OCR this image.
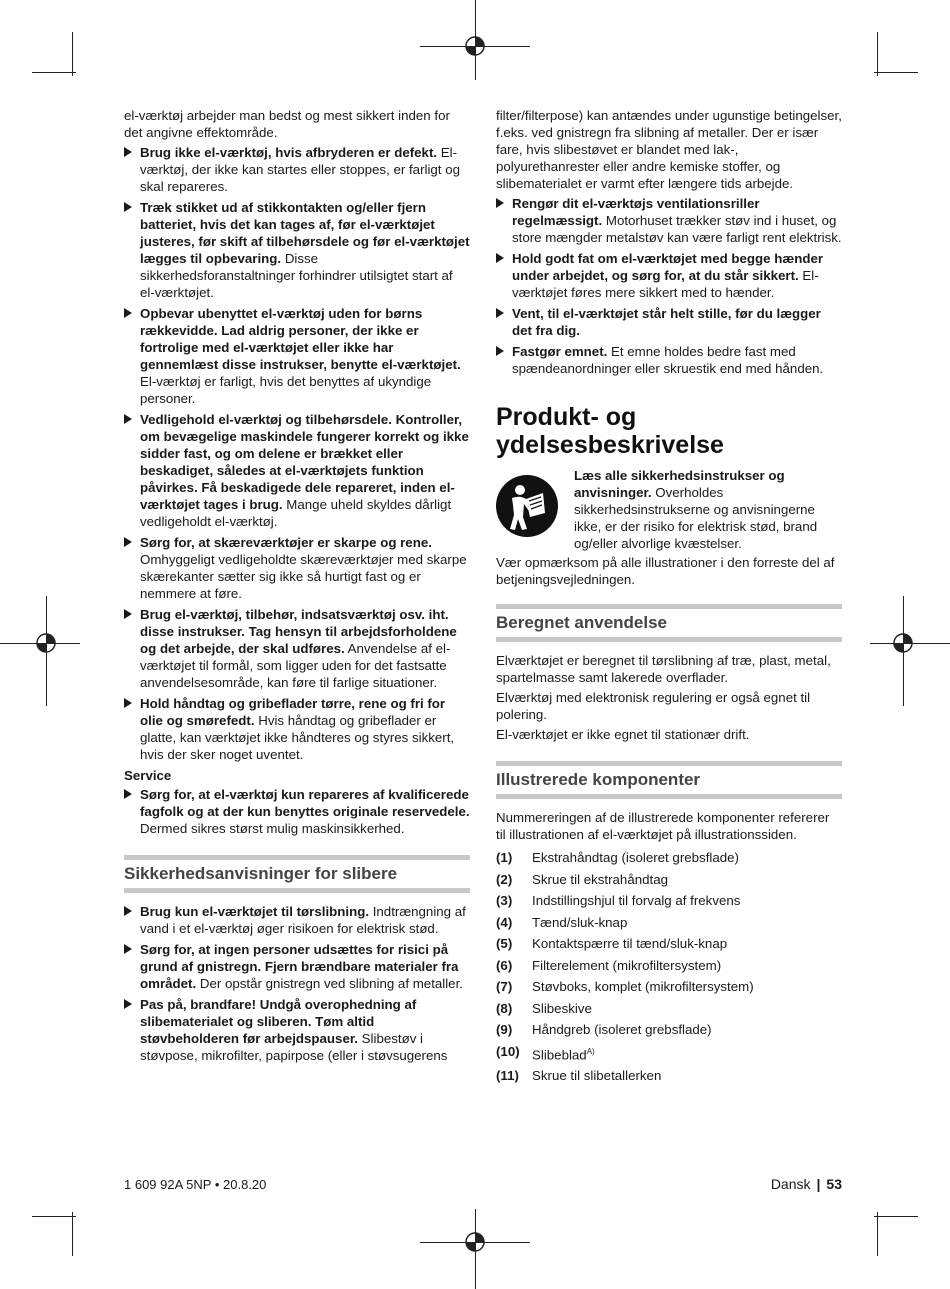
el-værktøj arbejder man bedst og mest sikkert inden for det angivne effektområde.

Brug ikke el-værktøj, hvis afbryderen er defekt. El-værktøj, der ikke kan startes eller stoppes, er farligt og skal repareres.
Træk stikket ud af stikkontakten og/eller fjern batteriet, hvis det kan tages af, før el-værktøjet justeres, før skift af tilbehørsdele og før el-værktøjet lægges til opbevaring. Disse sikkerhedsforanstaltninger forhindrer utilsigtet start af el-værktøjet.
Opbevar ubenyttet el-værktøj uden for børns rækkevidde. Lad aldrig personer, der ikke er fortrolige med el-værktøjet eller ikke har gennemlæst disse instrukser, benytte el-værktøjet. El-værktøj er farligt, hvis det benyttes af ukyndige personer.
Vedligehold el-værktøj og tilbehørsdele. Kontroller, om bevægelige maskindele fungerer korrekt og ikke sidder fast, og om delene er brækket eller beskadiget, således at el-værktøjets funktion påvirkes. Få beskadigede dele repareret, inden el-værktøjet tages i brug. Mange uheld skyldes dårligt vedligeholdt el-værktøj.
Sørg for, at skæreværktøjer er skarpe og rene. Omhyggeligt vedligeholdte skæreværktøjer med skarpe skærekanter sætter sig ikke så hurtigt fast og er nemmere at føre.
Brug el-værktøj, tilbehør, indsatsværktøj osv. iht. disse instrukser. Tag hensyn til arbejdsforholdene og det arbejde, der skal udføres. Anvendelse af el-værktøjet til formål, som ligger uden for det fastsatte anvendelsesområde, kan føre til farlige situationer.
Hold håndtag og gribeflader tørre, rene og fri for olie og smørefedt. Hvis håndtag og gribeflader er glatte, kan værktøjet ikke håndteres og styres sikkert, hvis der sker noget uventet.

Service

Sørg for, at el-værktøj kun repareres af kvalificerede fagfolk og at der kun benyttes originale reservedele. Dermed sikres størst mulig maskinsikkerhed.
Sikkerhedsanvisninger for slibere
Brug kun el-værktøjet til tørslibning. Indtrængning af vand i et el-værktøj øger risikoen for elektrisk stød.
Sørg for, at ingen personer udsættes for risici på grund af gnistregn. Fjern brændbare materialer fra området. Der opstår gnistregn ved slibning af metaller.
Pas på, brandfare! Undgå overophedning af slibematerialet og sliberen. Tøm altid støvbeholderen før arbejdspauser. Slibestøv i støvpose, mikrofilter, papirpose (eller i støvsugerens

filter/filterpose) kan antændes under ugunstige betingelser, f.eks. ved gnistregn fra slibning af metaller. Der er især fare, hvis slibestøvet er blandet med lak-, polyurethanrester eller andre kemiske stoffer, og slibematerialet er varmt efter længere tids arbejde.

Rengør dit el-værktøjs ventilationsriller regelmæssigt. Motorhuset trækker støv ind i huset, og store mængder metalstøv kan være farligt rent elektrisk.
Hold godt fat om el-værktøjet med begge hænder under arbejdet, og sørg for, at du står sikkert. El-værktøjet føres mere sikkert med to hænder.
Vent, til el-værktøjet står helt stille, før du lægger det fra dig.
Fastgør emnet. Et emne holdes bedre fast med spændeanordninger eller skruestik end med hånden.
Produkt- og ydelsesbeskrivelse
Læs alle sikkerhedsinstrukser og anvisninger. Overholdes sikkerhedsinstrukserne og anvisningerne ikke, er der risiko for elektrisk stød, brand og/eller alvorlige kvæstelser.

Vær opmærksom på alle illustrationer i den forreste del af betjeningsvejledningen.

Beregnet anvendelse

Elværktøjet er beregnet til tørslibning af træ, plast, metal, spartelmasse samt lakerede overflader.

Elværktøj med elektronisk regulering er også egnet til polering.

El-værktøjet er ikke egnet til stationær drift.

Illustrerede komponenter

Nummereringen af de illustrerede komponenter refererer til illustrationen af el-værktøjet på illustrationssiden.

(1)	Ekstrahåndtag (isoleret grebsflade)
(2)	Skrue til ekstrahåndtag
(3)	Indstillingshjul til forvalg af frekvens
(4)	Tænd/sluk-knap
(5)	Kontaktspærre til tænd/sluk-knap
(6)	Filterelement (mikrofiltersystem)
(7)	Støvboks, komplet (mikrofiltersystem)
(8)	Slibeskive
(9)	Håndgreb (isoleret grebsflade)
(10) Slibeblad$^{A)}$
(11) Skrue til slibetallerken
1 609 92A 5NP • 20.8.20	Dansk | 53
